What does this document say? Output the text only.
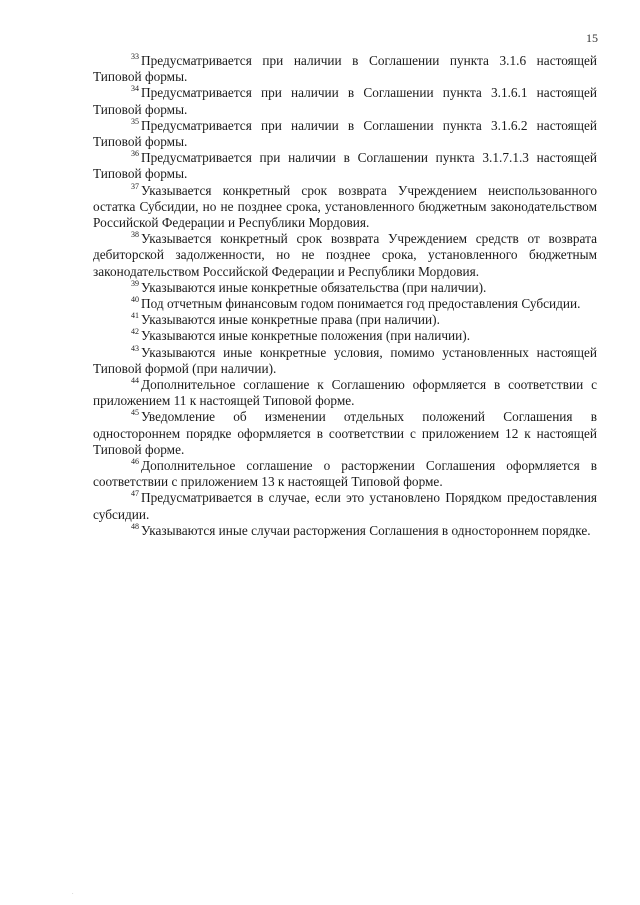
15

$^{33}$ Предусматривается при наличии в Соглашении пункта 3.1.6 настоящей Типовой формы.

$^{34}$ Предусматривается при наличии в Соглашении пункта 3.1.6.1 настоящей Типовой формы.

$^{35}$ Предусматривается при наличии в Соглашении пункта 3.1.6.2 настоящей Типовой формы.

$^{36}$ Предусматривается при наличии в Соглашении пункта 3.1.7.1.3 настоящей Типовой формы.

$^{37}$ Указывается конкретный срок возврата Учреждением неиспользованного остатка Субсидии, но не позднее срока, установленного бюджетным законодательством Российской Федерации и Республики Мордовия.

$^{38}$ Указывается конкретный срок возврата Учреждением средств от возврата дебиторской задолженности, но не позднее срока, установленного бюджетным законодательством Российской Федерации и Республики Мордовия.

$^{39}$ Указываются иные конкретные обязательства (при наличии).

$^{40}$ Под отчетным финансовым годом понимается год предоставления Субсидии.

$^{41}$ Указываются иные конкретные права (при наличии).

$^{42}$ Указываются иные конкретные положения (при наличии).

$^{43}$ Указываются иные конкретные условия, помимо установленных настоящей Типовой формой (при наличии).

$^{44}$ Дополнительное соглашение к Соглашению оформляется в соответствии с приложением 11 к настоящей Типовой форме.

$^{45}$ Уведомление об изменении отдельных положений Соглашения в одностороннем порядке оформляется в соответствии с приложением 12 к настоящей Типовой форме.

$^{46}$ Дополнительное соглашение о расторжении Соглашения оформляется в соответствии с приложением 13 к настоящей Типовой форме.

$^{47}$ Предусматривается в случае, если это установлено Порядком предоставления субсидии.

$^{48}$ Указываются иные случаи расторжения Соглашения в одностороннем порядке.

.
